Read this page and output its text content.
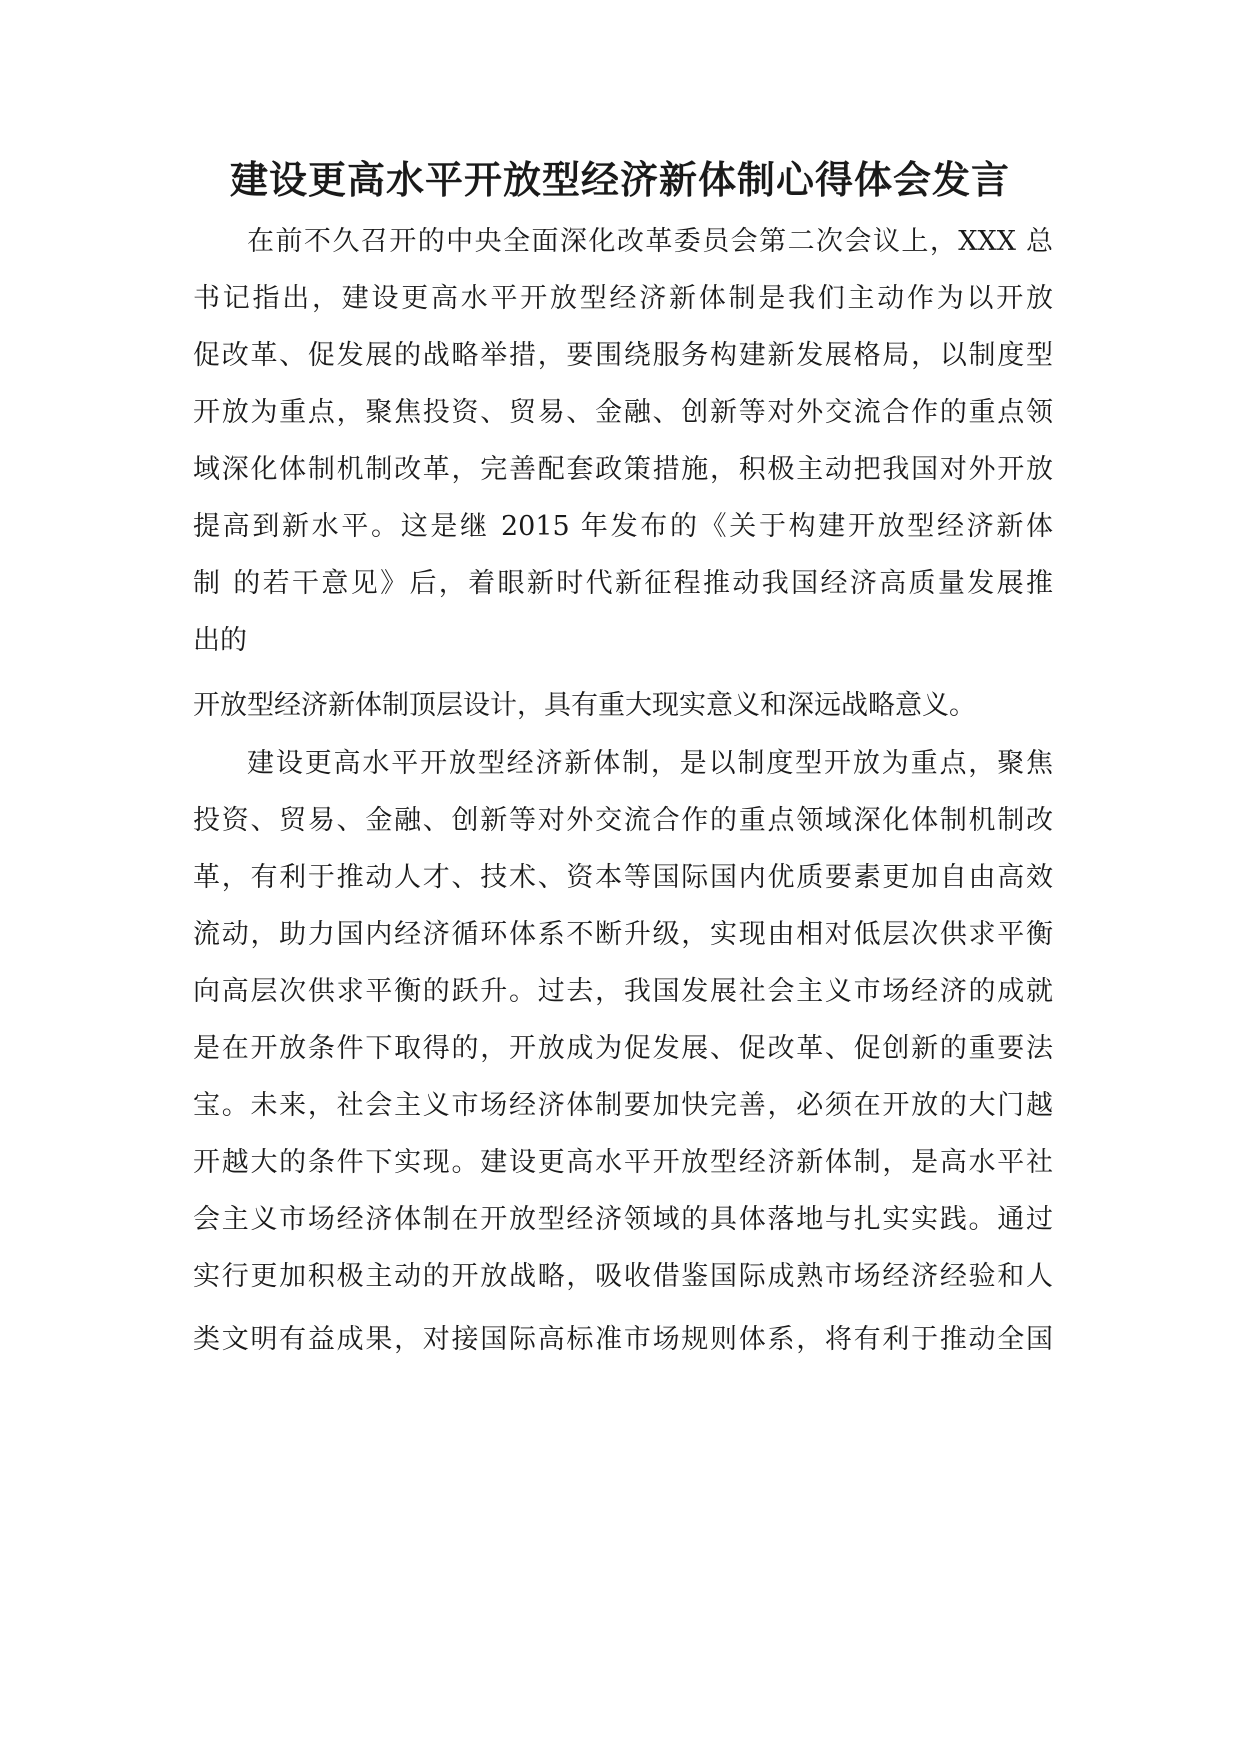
建设更高水平开放型经济新体制心得体会发言

在前不久召开的中央全面深化改革委员会第二次会议上，XXX 总

书记指出，建设更高水平开放型经济新体制是我们主动作为以开放

促改革、促发展的战略举措，要围绕服务构建新发展格局，以制度型

开放为重点，聚焦投资、贸易、金融、创新等对外交流合作的重点领

域深化体制机制改革，完善配套政策措施，积极主动把我国对外开放

提高到新水平。这是继 2015 年发布的《关于构建开放型经济新体

制 的若干意见》后，着眼新时代新征程推动我国经济高质量发展推

出的

开放型经济新体制顶层设计，具有重大现实意义和深远战略意义。

建设更高水平开放型经济新体制，是以制度型开放为重点，聚焦

投资、贸易、金融、创新等对外交流合作的重点领域深化体制机制改

革，有利于推动人才、技术、资本等国际国内优质要素更加自由高效

流动，助力国内经济循环体系不断升级，实现由相对低层次供求平衡

向高层次供求平衡的跃升。过去，我国发展社会主义市场经济的成就

是在开放条件下取得的，开放成为促发展、促改革、促创新的重要法

宝。未来，社会主义市场经济体制要加快完善，必须在开放的大门越

开越大的条件下实现。建设更高水平开放型经济新体制，是高水平社

会主义市场经济体制在开放型经济领域的具体落地与扎实实践。通过

实行更加积极主动的开放战略，吸收借鉴国际成熟市场经济经验和人

类文明有益成果，对接国际高标准市场规则体系，将有利于推动全国
